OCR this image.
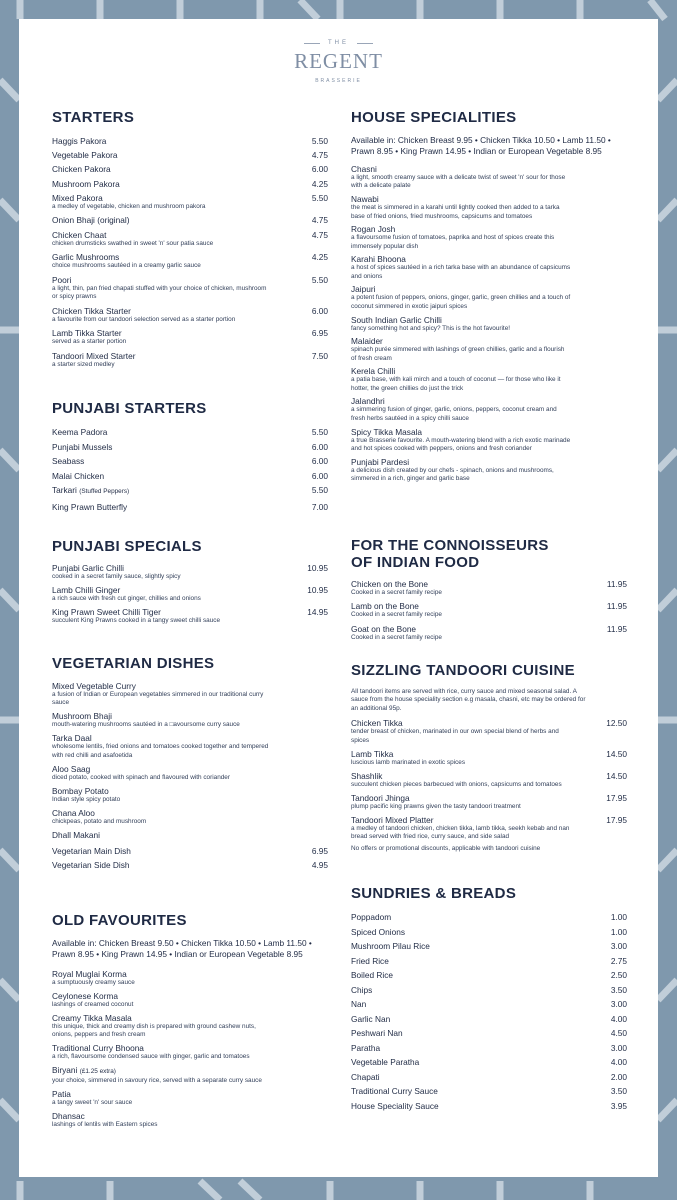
THE
REGENT
BRASSERIE
STARTERS
Haggis Pakora	5.50
Vegetable Pakora	4.75
Chicken Pakora	6.00
Mushroom Pakora	4.25
Mixed Pakora	5.50
a medley of vegetable, chicken and mushroom pakora
Onion Bhaji (original)	4.75
Chicken Chaat	4.75
chicken drumsticks swathed in sweet 'n' sour patia sauce
Garlic Mushrooms	4.25
choice mushrooms sautéed in a creamy garlic sauce
Poori	5.50
a light, thin, pan fried chapati stuffed with your choice of chicken, mushroom or spicy prawns
Chicken Tikka Starter	6.00
a favourite from our tandoori selection served as a starter portion
Lamb Tikka Starter	6.95
served as a starter portion
Tandoori Mixed Starter	7.50
a starter sized medley
PUNJABI STARTERS
Keema Padora	5.50
Punjabi Mussels	6.00
Seabass	6.00
Malai Chicken	6.00
Tarkari (Stuffed Peppers)	5.50
King Prawn Butterfly	7.00
PUNJABI SPECIALS
Punjabi Garlic Chilli	10.95
cooked in a secret family sauce, slightly spicy
Lamb Chilli Ginger	10.95
a rich sauce with fresh cut ginger, chillies and onions
King Prawn Sweet Chilli Tiger	14.95
succulent King Prawns cooked in a tangy sweet chilli sauce
VEGETARIAN DISHES
Mixed Vegetable Curry
a fusion of Indian or European vegetables simmered in our traditional curry sauce
Mushroom Bhaji
mouth-watering mushrooms sautéed in a □avoursome curry sauce
Tarka Daal
wholesome lentils, fried onions and tomatoes cooked together and tempered with red chilli and asafoetida
Aloo Saag
diced potato, cooked with spinach and flavoured with coriander
Bombay Potato
Indian style spicy potato
Chana Aloo
chickpeas, potato and mushroom
Dhall Makani
Vegetarian Main Dish	6.95
Vegetarian Side Dish	4.95
OLD FAVOURITES
Available in: Chicken Breast 9.50 • Chicken Tikka 10.50 • Lamb 11.50 • Prawn 8.95 • King Prawn 14.95 • Indian or European Vegetable 8.95
Royal Muglai Korma
a sumptuously creamy sauce
Ceylonese Korma
lashings of creamed coconut
Creamy Tikka Masala
this unique, thick and creamy dish is prepared with ground cashew nuts, onions, peppers and fresh cream
Traditional Curry Bhoona
a rich, flavoursome condensed sauce with ginger, garlic and tomatoes
Biryani (£1.25 extra)
your choice, simmered in savoury rice, served with a separate curry sauce
Patia
a tangy sweet 'n' sour sauce
Dhansac
lashings of lentils with Eastern spices
HOUSE SPECIALITIES
Available in: Chicken Breast 9.95 • Chicken Tikka 10.50 • Lamb 11.50 • Prawn 8.95 • King Prawn 14.95 • Indian or European Vegetable 8.95
Chasni
a light, smooth creamy sauce with a delicate twist of sweet 'n' sour for those with a delicate palate
Nawabi
the meat is simmered in a karahi until lightly cooked then added to a tarka base of fried onions, fried mushrooms, capsicums and tomatoes
Rogan Josh
a flavoursome fusion of tomatoes, paprika and host of spices create this immensely popular dish
Karahi Bhoona
a host of spices sautéed in a rich tarka base with an abundance of capsicums and onions
Jaipuri
a potent fusion of peppers, onions, ginger, garlic, green chillies and a touch of coconut simmered in exotic jaipuri spices
South Indian Garlic Chilli
fancy something hot and spicy? This is the hot favourite!
Malaider
spinach purée simmered with lashings of green chillies, garlic and a flourish of fresh cream
Kerela Chilli
a patia base, with kali mirch and a touch of coconut — for those who like it hotter, the green chillies do just the trick
Jalandhri
a simmering fusion of ginger, garlic, onions, peppers, coconut cream and fresh herbs sautéed in a spicy chilli sauce
Spicy Tikka Masala
a true Brasserie favourite. A mouth-watering blend with a rich exotic marinade and hot spices cooked with peppers, onions and fresh coriander
Punjabi Pardesi
a delicious dish created by our chefs - spinach, onions and mushrooms, simmered in a rich, ginger and garlic base
FOR THE CONNOISSEURS
OF INDIAN FOOD
Chicken on the Bone	11.95
Cooked in a secret family recipe
Lamb on the Bone	11.95
Cooked in a secret family recipe
Goat on the Bone	11.95
Cooked in a secret family recipe
SIZZLING TANDOORI CUISINE
All tandoori items are served with rice, curry sauce and mixed seasonal salad. A sauce from the house speciality section e.g masala, chasni, etc may be ordered for an additional 95p.
Chicken Tikka	12.50
tender breast of chicken, marinated in our own special blend of herbs and spices
Lamb Tikka	14.50
luscious lamb marinated in exotic spices
Shashlik	14.50
succulent chicken pieces barbecued with onions, capsicums and tomatoes
Tandoori Jhinga	17.95
plump pacific king prawns given the tasty tandoori treatment
Tandoori Mixed Platter	17.95
a medley of tandoori chicken, chicken tikka, lamb tikka, seekh kebab and nan bread served with fried rice, curry sauce, and side salad
No offers or promotional discounts, applicable with tandoori cuisine
SUNDRIES & BREADS
Poppadom	1.00
Spiced Onions	1.00
Mushroom Pilau Rice	3.00
Fried Rice	2.75
Boiled Rice	2.50
Chips	3.50
Nan	3.00
Garlic Nan	4.00
Peshwari Nan	4.50
Paratha	3.00
Vegetable Paratha	4.00
Chapati	2.00
Traditional Curry Sauce	3.50
House Speciality Sauce	3.95
